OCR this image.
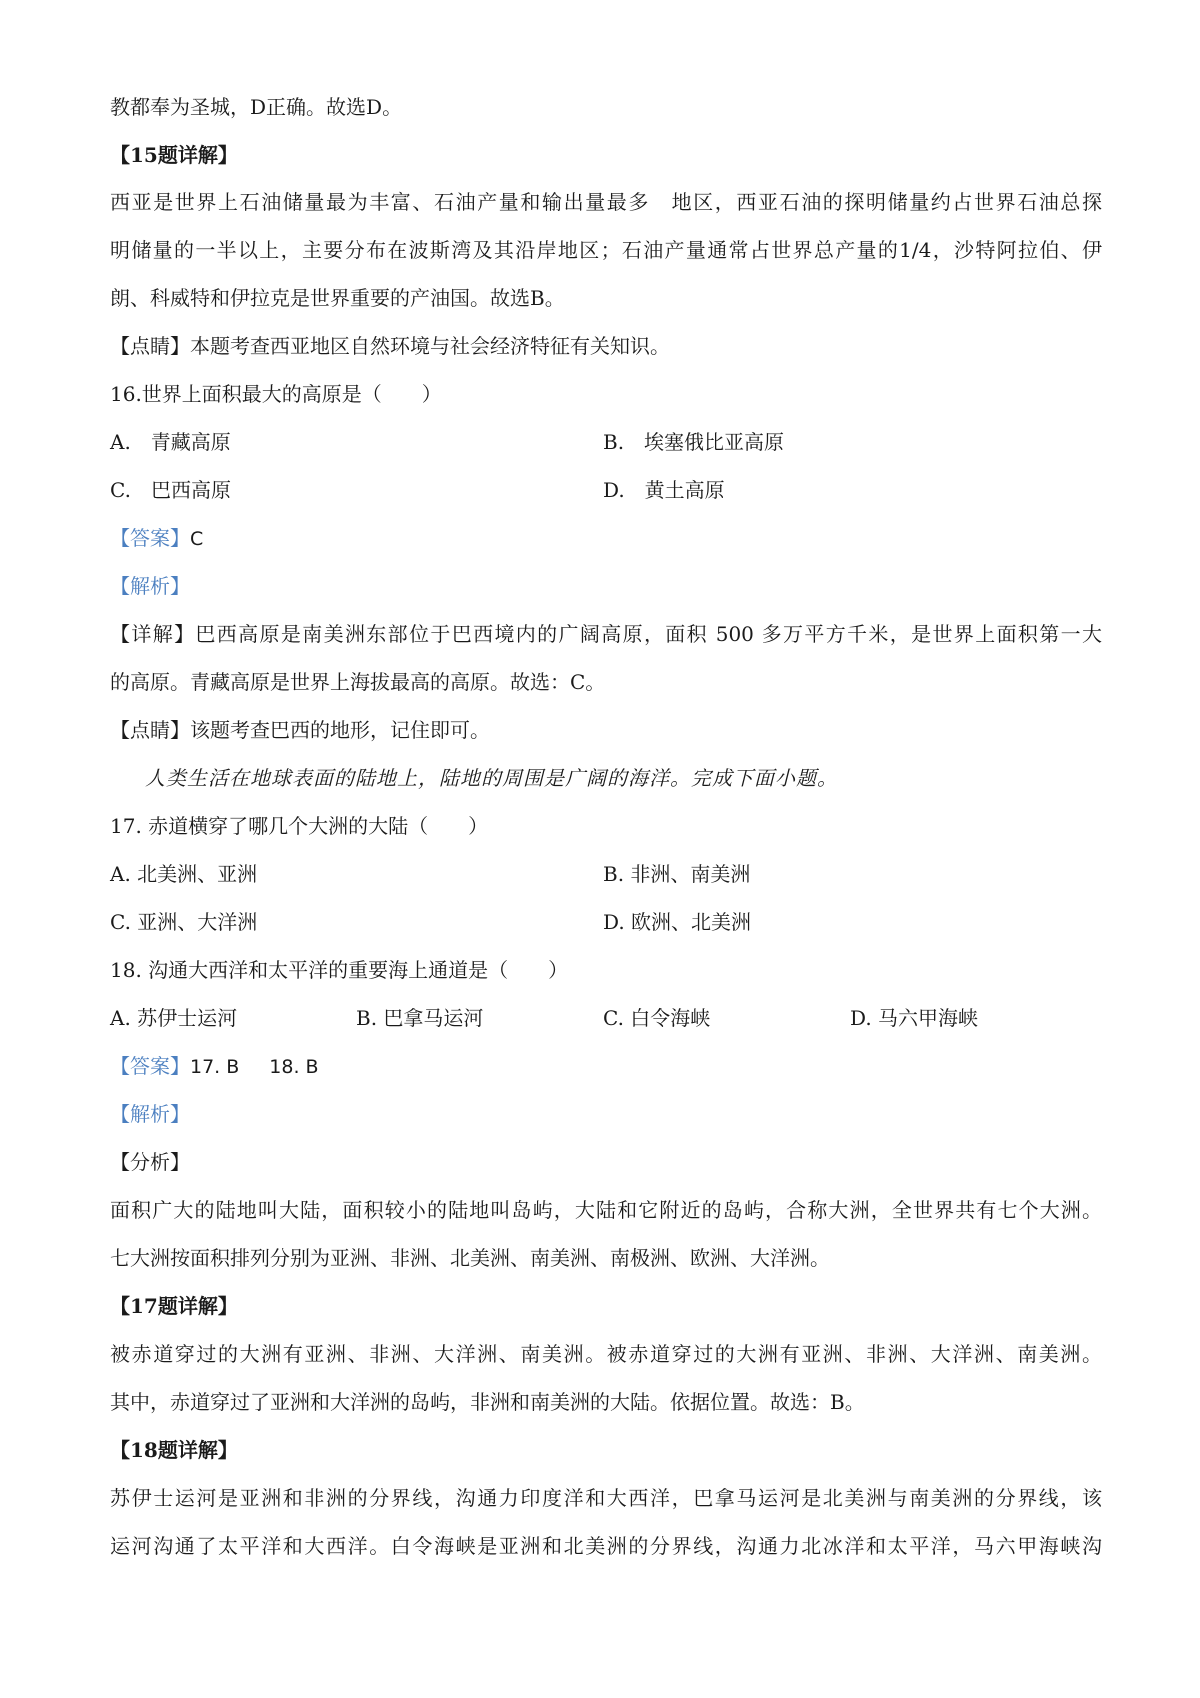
教都奉为圣城，D正确。故选D。
【15题详解】
西亚是世界上石油储量最为丰富、石油产量和输出量最多　地区，西亚石油的探明储量约占世界石油总探
明储量的一半以上，主要分布在波斯湾及其沿岸地区；石油产量通常占世界总产量的1/4，沙特阿拉伯、伊
朗、科威特和伊拉克是世界重要的产油国。故选B。
【点睛】本题考查西亚地区自然环境与社会经济特征有关知识。
16.世界上面积最大的高原是（　　）
A.　青藏高原	B.　埃塞俄比亚高原
C.　巴西高原	D.　黄土高原
【答案】C
【解析】
【详解】巴西高原是南美洲东部位于巴西境内的广阔高原，面积 500 多万平方千米，是世界上面积第一大
的高原。青藏高原是世界上海拔最高的高原。故选：C。
【点睛】该题考查巴西的地形，记住即可。
人类生活在地球表面的陆地上，陆地的周围是广阔的海洋。完成下面小题。
17. 赤道横穿了哪几个大洲的大陆（　　）
A. 北美洲、亚洲	B. 非洲、南美洲
C. 亚洲、大洋洲	D. 欧洲、北美洲
18. 沟通大西洋和太平洋的重要海上通道是（　　）
A. 苏伊士运河	B. 巴拿马运河	C. 白令海峡	D. 马六甲海峡
【答案】17. B 18. B
【解析】
【分析】
面积广大的陆地叫大陆，面积较小的陆地叫岛屿，大陆和它附近的岛屿，合称大洲，全世界共有七个大洲。
七大洲按面积排列分别为亚洲、非洲、北美洲、南美洲、南极洲、欧洲、大洋洲。
【17题详解】
被赤道穿过的大洲有亚洲、非洲、大洋洲、南美洲。被赤道穿过的大洲有亚洲、非洲、大洋洲、南美洲。
其中，赤道穿过了亚洲和大洋洲的岛屿，非洲和南美洲的大陆。依据位置。故选：B。
【18题详解】
苏伊士运河是亚洲和非洲的分界线，沟通力印度洋和大西洋，巴拿马运河是北美洲与南美洲的分界线，该
运河沟通了太平洋和大西洋。白令海峡是亚洲和北美洲的分界线，沟通力北冰洋和太平洋，马六甲海峡沟
